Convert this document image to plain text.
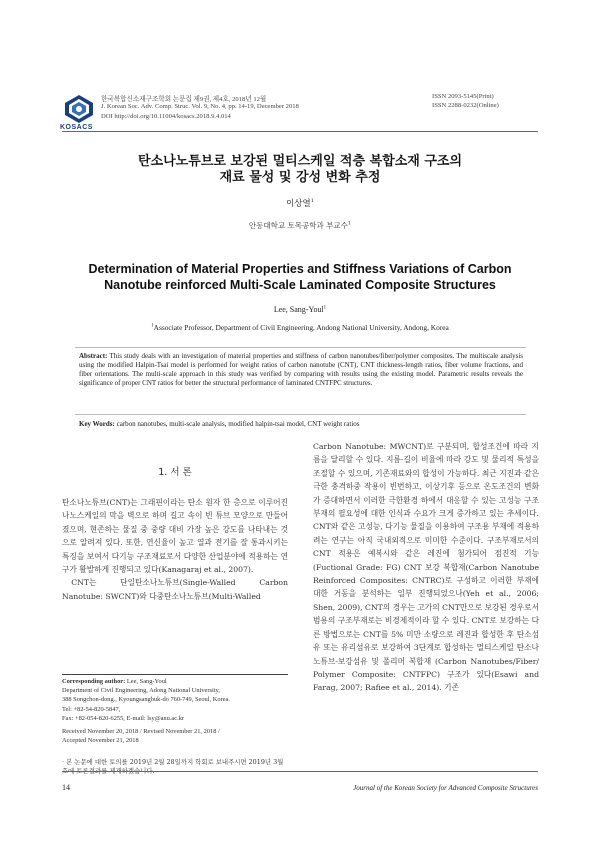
KOSACS
한국복합신소재구조학회 논문집 제9권, 제4호, 2018년 12월
J. Korean Soc. Adv. Comp. Struc. Vol. 9, No. 4, pp. 14-19, December 2018
DOI http://doi.org/10.11004/kosacs.2018.9.4.014
ISSN 2093-5145(Print)
ISSN 2288-0232(Online)
탄소나노튜브로 보강된 멀티스케일 적층 복합소재 구조의
재료 물성 및 강성 변화 추정
이상열$^1$
안동대학교 토목공학과 부교수$^1$
Determination of Material Properties and Stiffness Variations of Carbon
Nanotube reinforced Multi-Scale Laminated Composite Structures
Lee, Sang-Youl$^1$
$^1$Associate Professor, Department of Civil Engineering, Andong National University, Andong, Korea
Abstract: This study deals with an investigation of material properties and stiffness of carbon nanotubes/fiber/polymer composites. The multiscale analysis using the modified Halpin-Tsai model is performed for weight ratios of carbon nanotube (CNT), CNT thickness-length ratios, fiber volume fractions, and fiber orientations. The multi-scale approach in this study was verified by comparing with results using the existing model. Parametric results reveals the significance of proper CNT ratios for better the structural performance of laminated CNTFPC structures.
Key Words: carbon nanotubes, multi-scale analysis, modified halpin-tsai model, CNT weight ratios
1. 서 론
탄소나노튜브(CNT)는 그래핀이라는 탄소 원자 한 층으로 이루어진 나노스케일의 막을 벽으로 하며 길고 속이 빈 튜브 모양으로 만들어졌으며, 현존하는 물질 중 중량 대비 가장 높은 강도를 나타내는 것으로 알려져 있다. 또한, 연신율이 높고 열과 전기를 잘 통과시키는 특징을 보여서 다기능 구조재료로서 다양한 산업분야에 적용하는 연구가 활발하게 진행되고 있다(Kanagaraj et al., 2007).
CNT는 단일탄소나노튜브(Single-Walled Carbon Nanotube: SWCNT)와 다중탄소나노튜브(Multi-Walled
Corresponding author: Lee, Sang-Youl
Department of Civil Engineering, Adong National University,
388 Songchon-dong., Kyoungsangbuk-do 760-749, Seoul, Korea.
Tel: +82-54-820-5847,
Fax: +82-054-820-6255, E-mail: lsy@anu.ac.kr
Received November 20, 2018 / Revised November 21, 2018 /
Accepted November 21, 2018
· 본 논문에 대한 토의를 2019년 2월 28일까지 학회로 보내주시면 2019년 3월
Carbon Nanotube: MWCNT)로 구분되며, 합성조건에 따라 지름을 달리할 수 있다. 지름-길이 비율에 따라 강도 및 물리적 특성을 조절할 수 있으며, 기존재료와의 합성이 가능하다. 최근 지진과 같은 극한 충격하중 작용이 빈번하고, 이상기후 등으로 온도조건의 변화가 증대하면서 이러한 극한환경 하에서 대응할 수 있는 고성능 구조부재의 필요성에 대한 인식과 수요가 크게 증가하고 있는 추세이다. CNT와 같은 고성능, 다기능 물질을 이용하여 구조용 부재에 적용하려는 연구는 아직 국내외적으로 미미한 수준이다. 구조부재로서의 CNT 적용은 예복시와 같은 레진에 첨가되어 점진적 기능(Fuctional Grade: FG) CNT 보강 복합재(Carbon Nanotube Reinforced Composites: CNTRC)로 구성하고 이러한 부재에 대한 거동을 분석하는 일부 진행되었으나(Yeh et al., 2006; Shen, 2009), CNT의 경우는 고가의 CNT만으로 보강된 경우로서 범용의 구조부재로는 비경제적이라 할 수 있다. CNT로 보강하는 다른 방법으로는 CNT를 5% 미만 소량으로 레진과 합성한 후 탄소섬유 또는 유리섬유로 보강하여 3단계로 합성하는 멀티스케일 탄소나노튜브-보강섬유 및 폴리머 복합재 (Carbon Nanotubes/Fiber/ Polymer Composite: CNTFPC) 구조가 있다(Esawi and Farag, 2007; Rafiee et al., 2014). 기존
14	Journal of the Korean Society for Advanced Composite Structures
